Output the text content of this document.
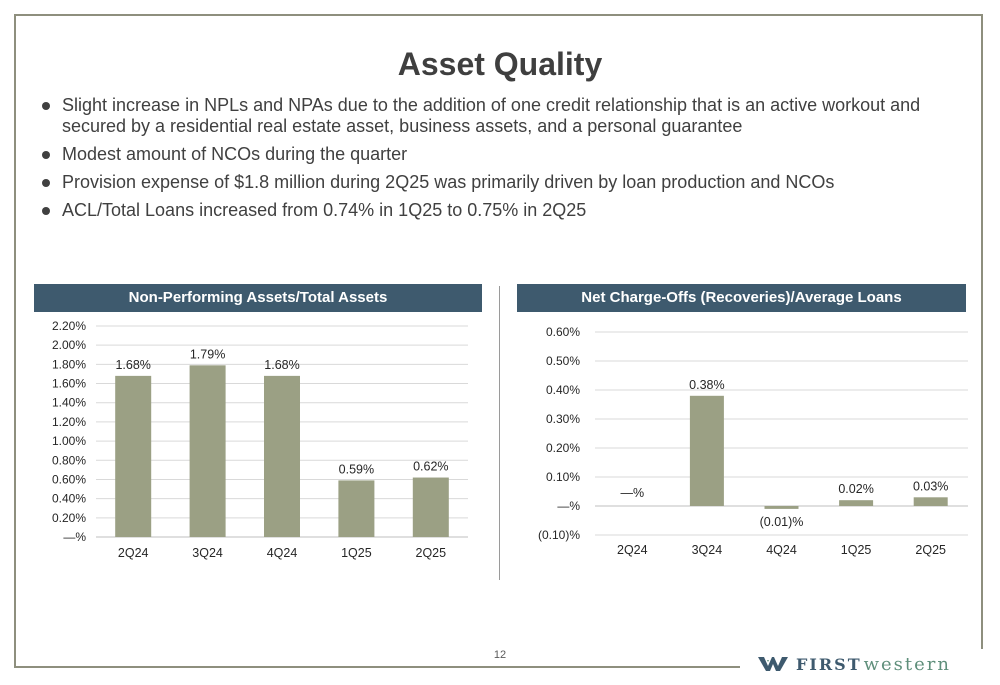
Asset Quality
Slight increase in NPLs and NPAs due to the addition of one credit relationship that is an active workout and secured by a residential real estate asset, business assets, and a personal guarantee
Modest amount of NCOs during the quarter
Provision expense of $1.8 million during 2Q25 was primarily driven by loan production and NCOs
ACL/Total Loans increased from 0.74% in 1Q25 to 0.75% in 2Q25
Non-Performing Assets/Total Assets	Net Charge-Offs (Recoveries)/Average Loans
—%
0.20%
0.40%
0.60%
0.80%
1.00%
1.20%
1.40%
1.60%
1.80%
2.00%
2.20%
1.68%
2Q24
1.79%
3Q24
1.68%
4Q24
0.59%
1Q25
0.62%
2Q25
(0.10)%
—%
0.10%
0.20%
0.30%
0.40%
0.50%
0.60%
—%
2Q24
0.38%
3Q24
(0.01)%
4Q24
0.02%
1Q25
0.03%
2Q25
12	FIRST western
